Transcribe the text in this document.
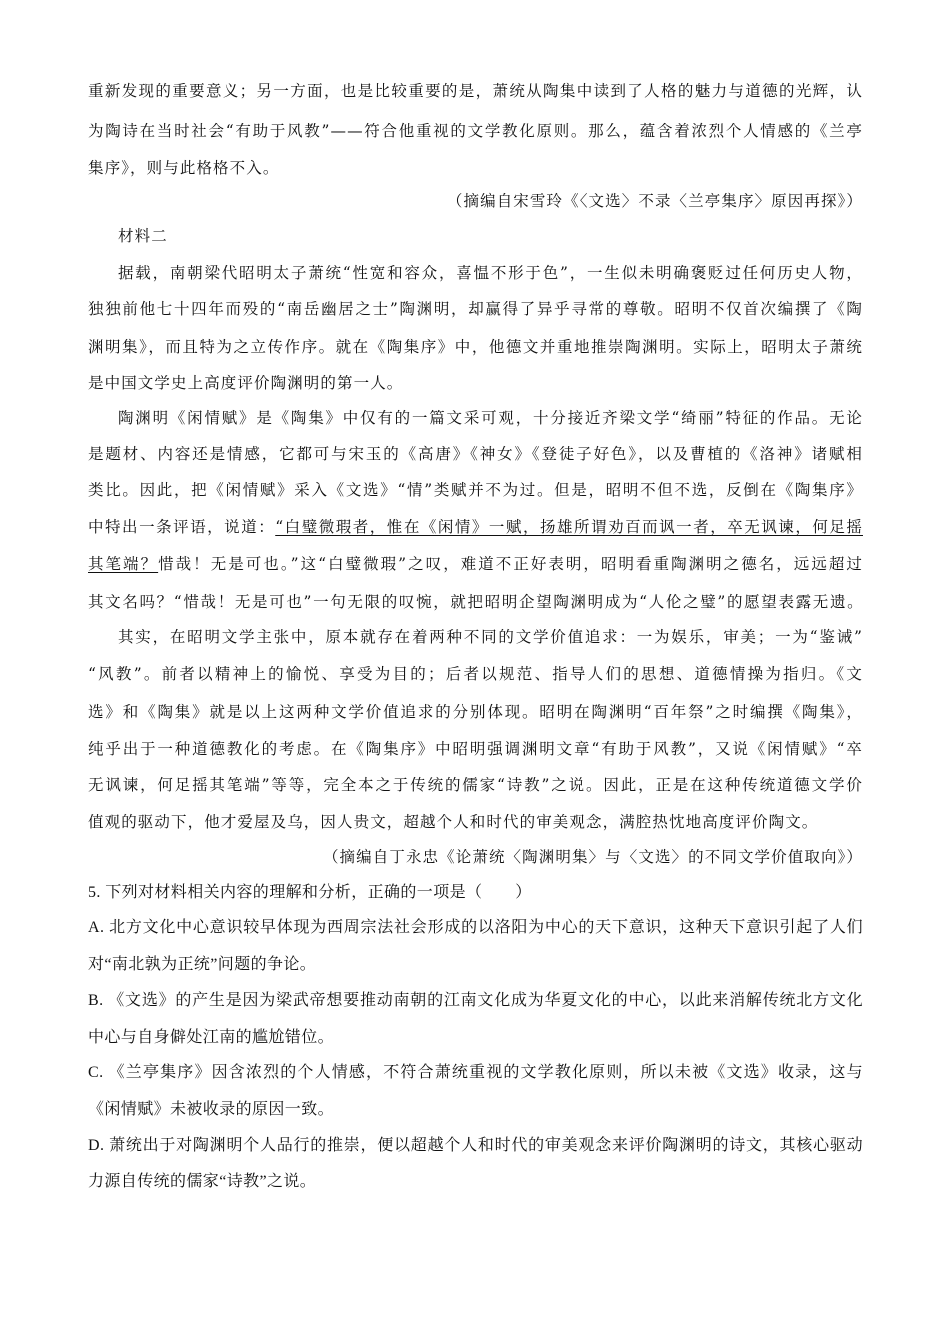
重新发现的重要意义；另一方面，也是比较重要的是，萧统从陶集中读到了人格的魅力与道德的光辉，认
为陶诗在当时社会“有助于风教”——符合他重视的文学教化原则。那么，蕴含着浓烈个人情感的《兰亭
集序》，则与此格格不入。
（摘编自宋雪玲《〈文选〉不录〈兰亭集序〉原因再探》）
材料二
据载，南朝梁代昭明太子萧统“性宽和容众，喜愠不形于色”，一生似未明确褒贬过任何历史人物，
独独前他七十四年而殁的“南岳幽居之士”陶渊明，却赢得了异乎寻常的尊敬。昭明不仅首次编撰了《陶
渊明集》，而且特为之立传作序。就在《陶集序》中，他德文并重地推崇陶渊明。实际上，昭明太子萧统
是中国文学史上高度评价陶渊明的第一人。
陶渊明《闲情赋》是《陶集》中仅有的一篇文采可观，十分接近齐梁文学“绮丽”特征的作品。无论
是题材、内容还是情感，它都可与宋玉的《高唐》《神女》《登徒子好色》，以及曹植的《洛神》诸赋相
类比。因此，把《闲情赋》采入《文选》“情”类赋并不为过。但是，昭明不但不选，反倒在《陶集序》
中特出一条评语，说道：“白璧微瑕者，惟在《闲情》一赋，扬雄所谓劝百而讽一者，卒无讽谏，何足摇
其笔端？惜哉！无是可也。”这“白璧微瑕”之叹，难道不正好表明，昭明看重陶渊明之德名，远远超过
其文名吗？“惜哉！无是可也”一句无限的叹惋，就把昭明企望陶渊明成为“人伦之璧”的愿望表露无遗。
其实，在昭明文学主张中，原本就存在着两种不同的文学价值追求：一为娱乐，审美；一为“鉴诫”
“风教”。前者以精神上的愉悦、享受为目的；后者以规范、指导人们的思想、道德情操为指归。《文
选》和《陶集》就是以上这两种文学价值追求的分别体现。昭明在陶渊明“百年祭”之时编撰《陶集》，
纯乎出于一种道德教化的考虑。在《陶集序》中昭明强调渊明文章“有助于风教”，又说《闲情赋》“卒
无讽谏，何足摇其笔端”等等，完全本之于传统的儒家“诗教”之说。因此，正是在这种传统道德文学价
值观的驱动下，他才爱屋及乌，因人贵文，超越个人和时代的审美观念，满腔热忱地高度评价陶文。
（摘编自丁永忠《论萧统〈陶渊明集〉与〈文选〉的不同文学价值取向》）
5. 下列对材料相关内容的理解和分析，正确的一项是（　　）
A. 北方文化中心意识较早体现为西周宗法社会形成的以洛阳为中心的天下意识，这种天下意识引起了人们
对“南北孰为正统”问题的争论。
B. 《文选》的产生是因为梁武帝想要推动南朝的江南文化成为华夏文化的中心，以此来消解传统北方文化
中心与自身僻处江南的尴尬错位。
C. 《兰亭集序》因含浓烈的个人情感，不符合萧统重视的文学教化原则，所以未被《文选》收录，这与
《闲情赋》未被收录的原因一致。
D. 萧统出于对陶渊明个人品行的推崇，便以超越个人和时代的审美观念来评价陶渊明的诗文，其核心驱动
力源自传统的儒家“诗教”之说。
